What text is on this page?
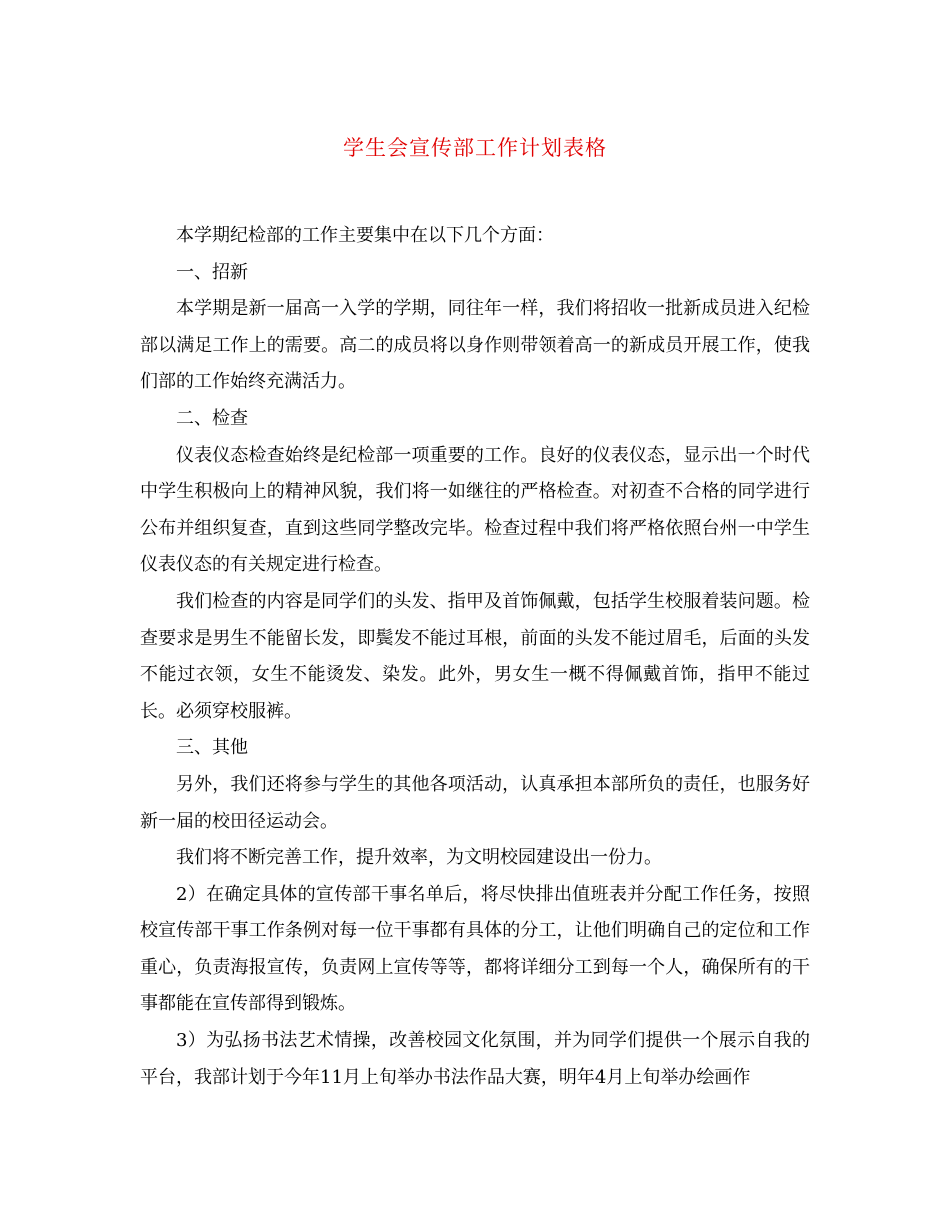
学生会宣传部工作计划表格

本学期纪检部的工作主要集中在以下几个方面：

一、招新

本学期是新一届高一入学的学期，同往年一样，我们将招收一批新成员进入纪检部以满足工作上的需要。高二的成员将以身作则带领着高一的新成员开展工作，使我们部的工作始终充满活力。

二、检查

仪表仪态检查始终是纪检部一项重要的工作。良好的仪表仪态，显示出一个时代中学生积极向上的精神风貌，我们将一如继往的严格检查。对初查不合格的同学进行公布并组织复查，直到这些同学整改完毕。检查过程中我们将严格依照台州一中学生仪表仪态的有关规定进行检查。

我们检查的内容是同学们的头发、指甲及首饰佩戴，包括学生校服着装问题。检查要求是男生不能留长发，即鬓发不能过耳根，前面的头发不能过眉毛，后面的头发不能过衣领，女生不能烫发、染发。此外，男女生一概不得佩戴首饰，指甲不能过长。必须穿校服裤。

三、其他

另外，我们还将参与学生的其他各项活动，认真承担本部所负的责任，也服务好新一届的校田径运动会。

我们将不断完善工作，提升效率，为文明校园建设出一份力。

2）在确定具体的宣传部干事名单后，将尽快排出值班表并分配工作任务，按照校宣传部干事工作条例对每一位干事都有具体的分工，让他们明确自己的定位和工作重心，负责海报宣传，负责网上宣传等等，都将详细分工到每一个人，确保所有的干事都能在宣传部得到锻炼。

3）为弘扬书法艺术情操，改善校园文化氛围，并为同学们提供一个展示自我的平台，我部计划于今年11月上旬举办书法作品大赛，明年4月上旬举办绘画作
